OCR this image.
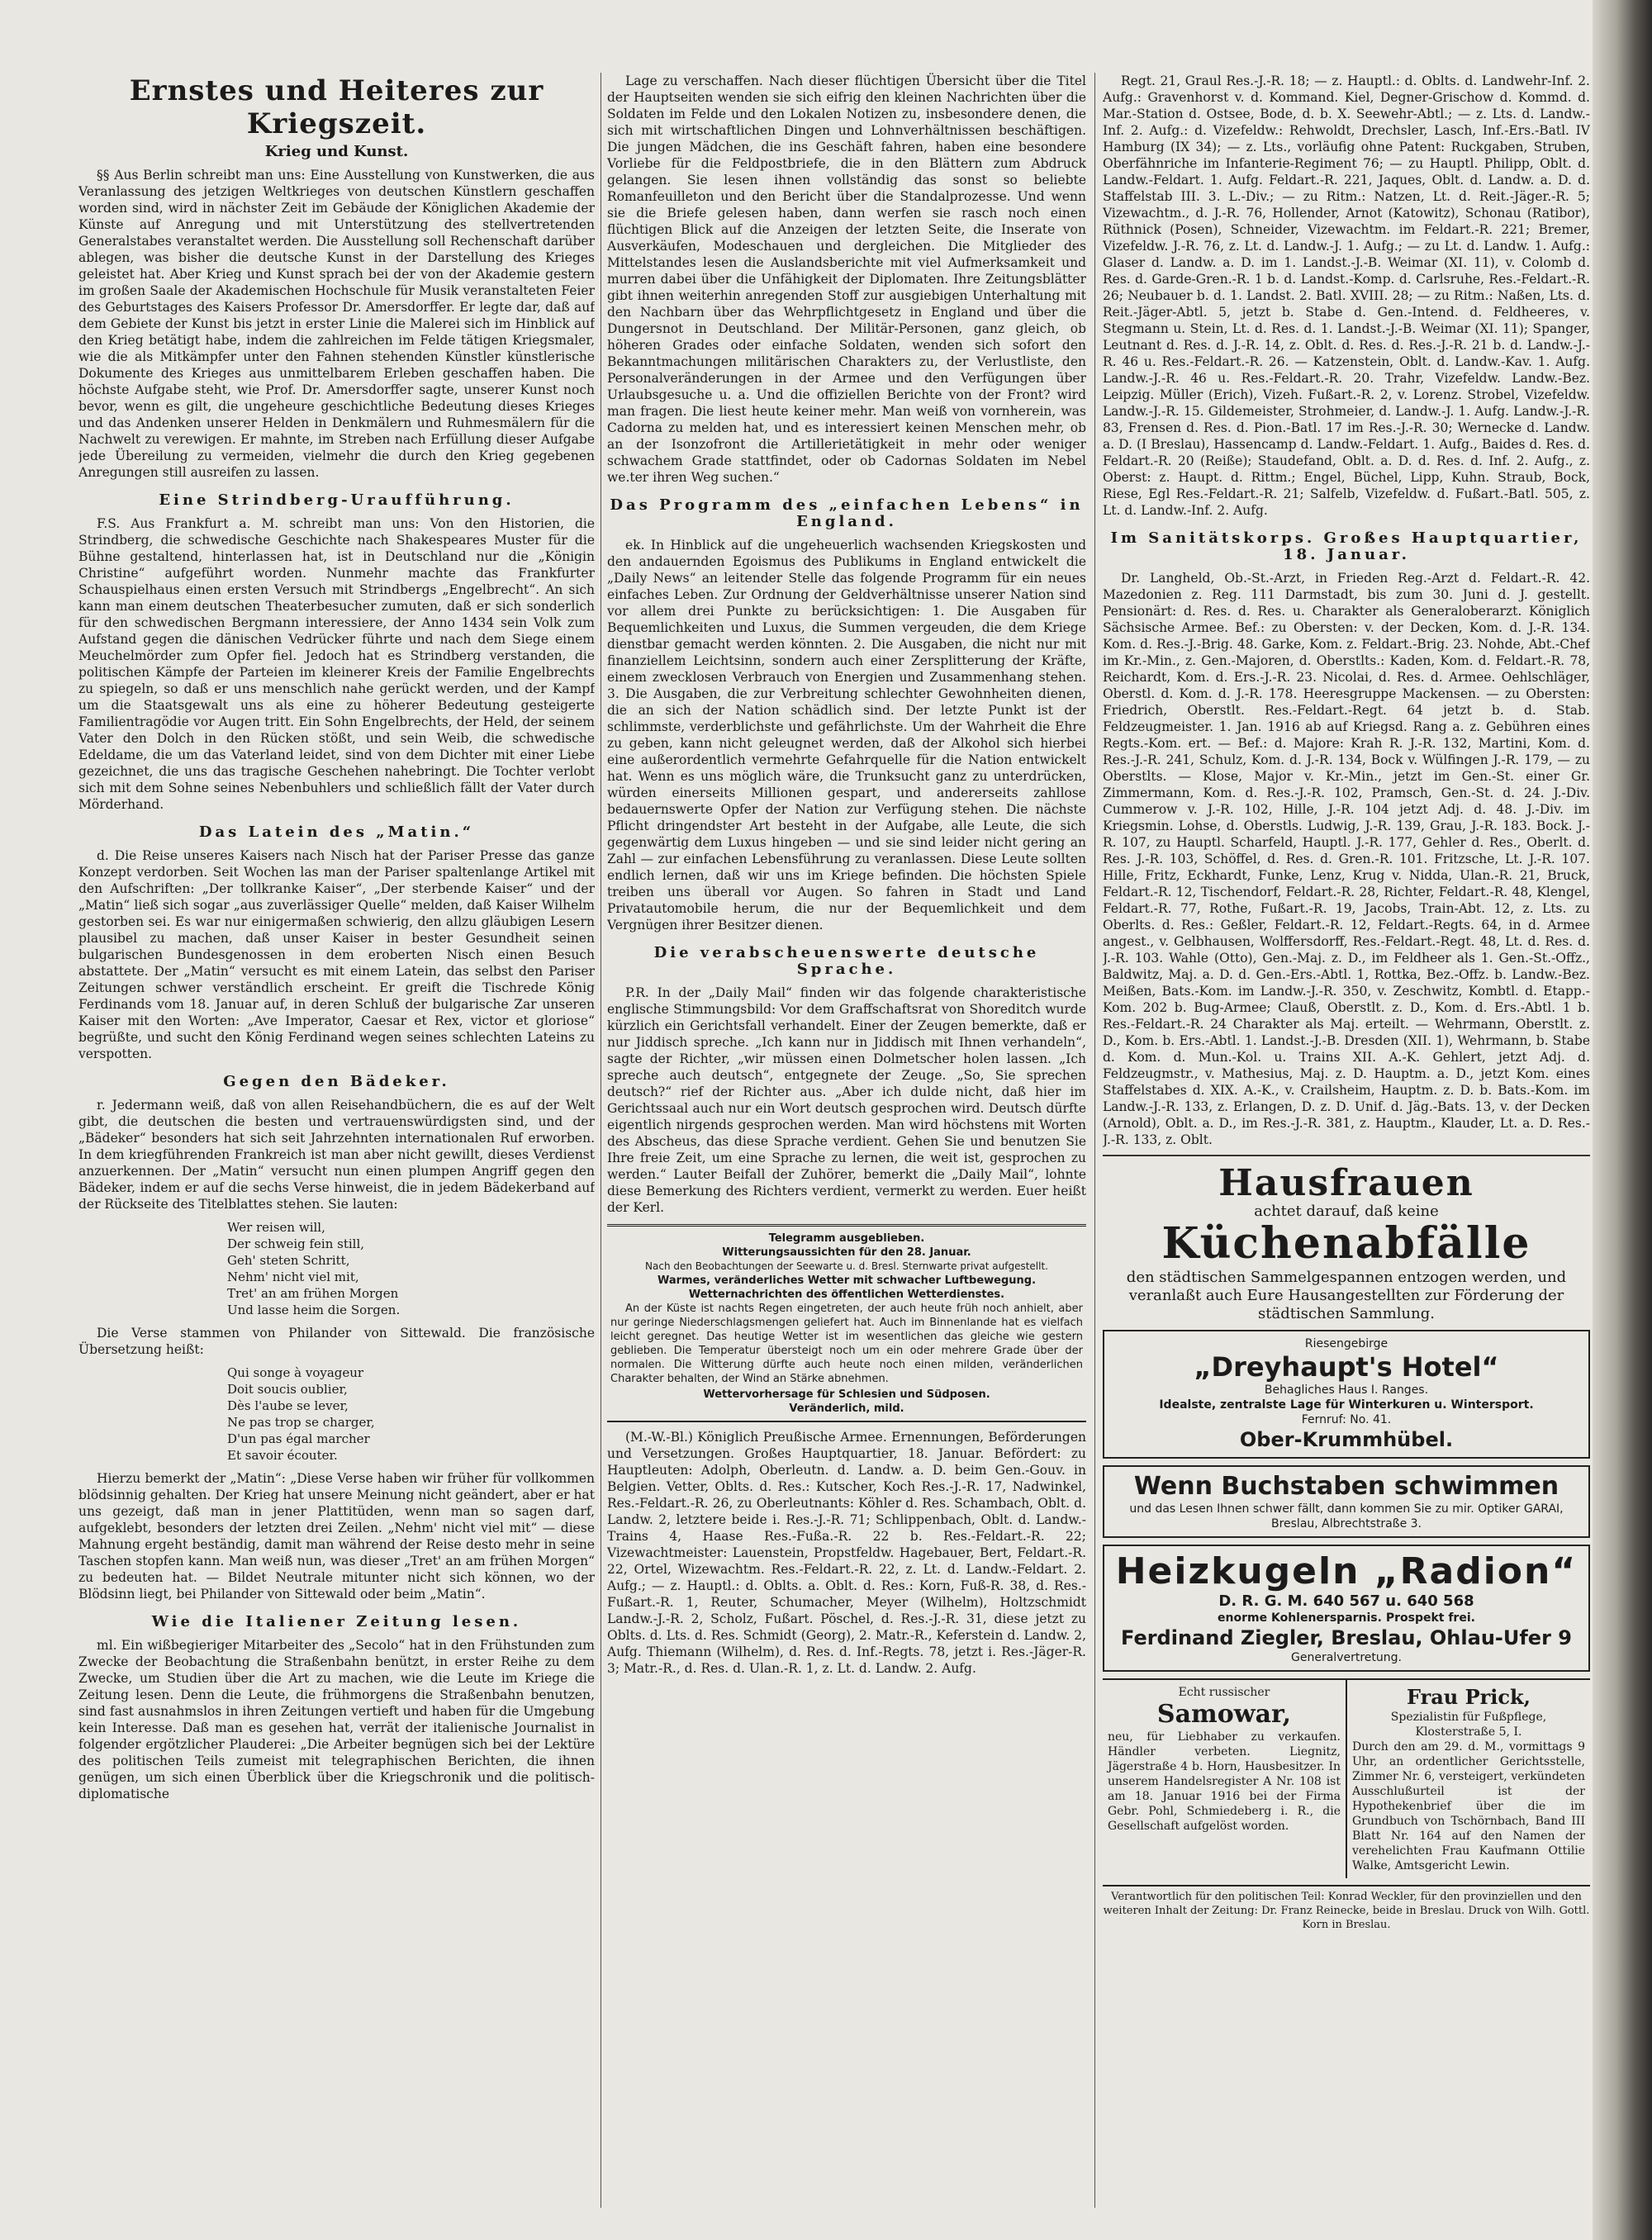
Ernstes und Heiteres zur Kriegszeit.
Krieg und Kunst.

§§ Aus Berlin schreibt man uns: Eine Ausstellung von Kunstwerken, die aus Veranlassung des jetzigen Weltkrieges von deutschen Künstlern geschaffen worden sind, wird in nächster Zeit im Gebäude der Königlichen Akademie der Künste auf Anregung und mit Unterstützung des stellvertretenden Generalstabes veranstaltet werden. Die Ausstellung soll Rechenschaft darüber ablegen, was bisher die deutsche Kunst in der Darstellung des Krieges geleistet hat. Aber Krieg und Kunst sprach bei der von der Akademie gestern im großen Saale der Akademischen Hochschule für Musik veranstalteten Feier des Geburtstages des Kaisers Professor Dr. Amersdorffer. Er legte dar, daß auf dem Gebiete der Kunst bis jetzt in erster Linie die Malerei sich im Hinblick auf den Krieg betätigt habe, indem die zahlreichen im Felde tätigen Kriegsmaler, wie die als Mitkämpfer unter den Fahnen stehenden Künstler künstlerische Dokumente des Krieges aus unmittelbarem Erleben geschaffen haben. Die höchste Aufgabe steht, wie Prof. Dr. Amersdorffer sagte, unserer Kunst noch bevor, wenn es gilt, die ungeheure geschichtliche Bedeutung dieses Krieges und das Andenken unserer Helden in Denkmälern und Ruhmesmälern für die Nachwelt zu verewigen. Er mahnte, im Streben nach Erfüllung dieser Aufgabe jede Übereilung zu vermeiden, vielmehr die durch den Krieg gegebenen Anregungen still ausreifen zu lassen.

Eine Strindberg-Uraufführung.

F.S. Aus Frankfurt a. M. schreibt man uns: Von den Historien, die Strindberg, die schwedische Geschichte nach Shakespeares Muster für die Bühne gestaltend, hinterlassen hat, ist in Deutschland nur die „Königin Christine“ aufgeführt worden. Nunmehr machte das Frankfurter Schauspielhaus einen ersten Versuch mit Strindbergs „Engelbrecht“. An sich kann man einem deutschen Theaterbesucher zumuten, daß er sich sonderlich für den schwedischen Bergmann interessiere, der Anno 1434 sein Volk zum Aufstand gegen die dänischen Vedrücker führte und nach dem Siege einem Meuchelmörder zum Opfer fiel. Jedoch hat es Strindberg verstanden, die politischen Kämpfe der Parteien im kleinerer Kreis der Familie Engelbrechts zu spiegeln, so daß er uns menschlich nahe gerückt werden, und der Kampf um die Staatsgewalt uns als eine zu höherer Bedeutung gesteigerte Familientragödie vor Augen tritt. Ein Sohn Engelbrechts, der Held, der seinem Vater den Dolch in den Rücken stößt, und sein Weib, die schwedische Edeldame, die um das Vaterland leidet, sind von dem Dichter mit einer Liebe gezeichnet, die uns das tragische Geschehen nahebringt. Die Tochter verlobt sich mit dem Sohne seines Nebenbuhlers und schließlich fällt der Vater durch Mörderhand.

Das Latein des „Matin.“

d. Die Reise unseres Kaisers nach Nisch hat der Pariser Presse das ganze Konzept verdorben. Seit Wochen las man der Pariser spaltenlange Artikel mit den Aufschriften: „Der tollkranke Kaiser“, „Der sterbende Kaiser“ und der „Matin“ ließ sich sogar „aus zuverlässiger Quelle“ melden, daß Kaiser Wilhelm gestorben sei. Es war nur einigermaßen schwierig, den allzu gläubigen Lesern plausibel zu machen, daß unser Kaiser in bester Gesundheit seinen bulgarischen Bundesgenossen in dem eroberten Nisch einen Besuch abstattete. Der „Matin“ versucht es mit einem Latein, das selbst den Pariser Zeitungen schwer verständlich erscheint. Er greift die Tischrede König Ferdinands vom 18. Januar auf, in deren Schluß der bulgarische Zar unseren Kaiser mit den Worten: „Ave Imperator, Caesar et Rex, victor et gloriose“ begrüßte, und sucht den König Ferdinand wegen seines schlechten Lateins zu verspotten.

Gegen den Bädeker.

r. Jedermann weiß, daß von allen Reisehandbüchern, die es auf der Welt gibt, die deutschen die besten und vertrauenswürdigsten sind, und der „Bädeker“ besonders hat sich seit Jahrzehnten internationalen Ruf erworben. In dem kriegführenden Frankreich ist man aber nicht gewillt, dieses Verdienst anzuerkennen. Der „Matin“ versucht nun einen plumpen Angriff gegen den Bädeker, indem er auf die sechs Verse hinweist, die in jedem Bädekerband auf der Rückseite des Titelblattes stehen. Sie lauten:

Wer reisen will,
Der schweig fein still,
Geh' steten Schritt,
Nehm' nicht viel mit,
Tret' an am frühen Morgen
Und lasse heim die Sorgen.

Die Verse stammen von Philander von Sittewald. Die französische Übersetzung heißt:

Qui songe à voyageur
Doit soucis oublier,
Dès l'aube se lever,
Ne pas trop se charger,
D'un pas égal marcher
Et savoir écouter.

Hierzu bemerkt der „Matin“: „Diese Verse haben wir früher für vollkommen blödsinnig gehalten. Der Krieg hat unsere Meinung nicht geändert, aber er hat uns gezeigt, daß man in jener Plattitüden, wenn man so sagen darf, aufgeklebt, besonders der letzten drei Zeilen. „Nehm' nicht viel mit“ — diese Mahnung ergeht beständig, damit man während der Reise desto mehr in seine Taschen stopfen kann. Man weiß nun, was dieser „Tret' an am frühen Morgen“ zu bedeuten hat. — Bildet Neutrale mitunter nicht sich können, wo der Blödsinn liegt, bei Philander von Sittewald oder beim „Matin“.

Wie die Italiener Zeitung lesen.

ml. Ein wißbegieriger Mitarbeiter des „Secolo“ hat in den Frühstunden zum Zwecke der Beobachtung die Straßenbahn benützt, in erster Reihe zu dem Zwecke, um Studien über die Art zu machen, wie die Leute im Kriege die Zeitung lesen. Denn die Leute, die frühmorgens die Straßenbahn benutzen, sind fast ausnahmslos in ihren Zeitungen vertieft und haben für die Umgebung kein Interesse. Daß man es gesehen hat, verrät der italienische Journalist in folgender ergötzlicher Plauderei: „Die Arbeiter begnügen sich bei der Lektüre des politischen Teils zumeist mit telegraphischen Berichten, die ihnen genügen, um sich einen Überblick über die Kriegschronik und die politisch-diplomatische

Lage zu verschaffen. Nach dieser flüchtigen Übersicht über die Titel der Hauptseiten wenden sie sich eifrig den kleinen Nachrichten über die Soldaten im Felde und den Lokalen Notizen zu, insbesondere denen, die sich mit wirtschaftlichen Dingen und Lohnverhältnissen beschäftigen. Die jungen Mädchen, die ins Geschäft fahren, haben eine besondere Vorliebe für die Feldpostbriefe, die in den Blättern zum Abdruck gelangen. Sie lesen ihnen vollständig das sonst so beliebte Romanfeuilleton und den Bericht über die Standalprozesse. Und wenn sie die Briefe gelesen haben, dann werfen sie rasch noch einen flüchtigen Blick auf die Anzeigen der letzten Seite, die Inserate von Ausverkäufen, Modeschauen und dergleichen. Die Mitglieder des Mittelstandes lesen die Auslandsberichte mit viel Aufmerksamkeit und murren dabei über die Unfähigkeit der Diplomaten. Ihre Zeitungsblätter gibt ihnen weiterhin anregenden Stoff zur ausgiebigen Unterhaltung mit den Nachbarn über das Wehrpflichtgesetz in England und über die Dungersnot in Deutschland. Der Militär-Personen, ganz gleich, ob höheren Grades oder einfache Soldaten, wenden sich sofort den Bekanntmachungen militärischen Charakters zu, der Verlustliste, den Personalveränderungen in der Armee und den Verfügungen über Urlaubsgesuche u. a. Und die offiziellen Berichte von der Front? wird man fragen. Die liest heute keiner mehr. Man weiß von vornherein, was Cadorna zu melden hat, und es interessiert keinen Menschen mehr, ob an der Isonzofront die Artillerietätigkeit in mehr oder weniger schwachem Grade stattfindet, oder ob Cadornas Soldaten im Nebel we.ter ihren Weg suchen.“

Das Programm des „einfachen Lebens“ in England.

ek. In Hinblick auf die ungeheuerlich wachsenden Kriegskosten und den andauernden Egoismus des Publikums in England entwickelt die „Daily News“ an leitender Stelle das folgende Programm für ein neues einfaches Leben. Zur Ordnung der Geldverhältnisse unserer Nation sind vor allem drei Punkte zu berücksichtigen: 1. Die Ausgaben für Bequemlichkeiten und Luxus, die Summen vergeuden, die dem Kriege dienstbar gemacht werden könnten. 2. Die Ausgaben, die nicht nur mit finanziellem Leichtsinn, sondern auch einer Zersplitterung der Kräfte, einem zwecklosen Verbrauch von Energien und Zusammenhang stehen. 3. Die Ausgaben, die zur Verbreitung schlechter Gewohnheiten dienen, die an sich der Nation schädlich sind. Der letzte Punkt ist der schlimmste, verderblichste und gefährlichste. Um der Wahrheit die Ehre zu geben, kann nicht geleugnet werden, daß der Alkohol sich hierbei eine außerordentlich vermehrte Gefahrquelle für die Nation entwickelt hat. Wenn es uns möglich wäre, die Trunksucht ganz zu unterdrücken, würden einerseits Millionen gespart, und andererseits zahllose bedauernswerte Opfer der Nation zur Verfügung stehen. Die nächste Pflicht dringendster Art besteht in der Aufgabe, alle Leute, die sich gegenwärtig dem Luxus hingeben — und sie sind leider nicht gering an Zahl — zur einfachen Lebensführung zu veranlassen. Diese Leute sollten endlich lernen, daß wir uns im Kriege befinden. Die höchsten Spiele treiben uns überall vor Augen. So fahren in Stadt und Land Privatautomobile herum, die nur der Bequemlichkeit und dem Vergnügen ihrer Besitzer dienen.

Die verabscheuenswerte deutsche Sprache.

P.R. In der „Daily Mail“ finden wir das folgende charakteristische englische Stimmungsbild: Vor dem Graffschaftsrat von Shoreditch wurde kürzlich ein Gerichtsfall verhandelt. Einer der Zeugen bemerkte, daß er nur Jiddisch spreche. „Ich kann nur in Jiddisch mit Ihnen verhandeln“, sagte der Richter, „wir müssen einen Dolmetscher holen lassen. „Ich spreche auch deutsch“, entgegnete der Zeuge. „So, Sie sprechen deutsch?“ rief der Richter aus. „Aber ich dulde nicht, daß hier im Gerichtssaal auch nur ein Wort deutsch gesprochen wird. Deutsch dürfte eigentlich nirgends gesprochen werden. Man wird höchstens mit Worten des Abscheus, das diese Sprache verdient. Gehen Sie und benutzen Sie Ihre freie Zeit, um eine Sprache zu lernen, die weit ist, gesprochen zu werden.“ Lauter Beifall der Zuhörer, bemerkt die „Daily Mail“, lohnte diese Bemerkung des Richters verdient, vermerkt zu werden. Euer heißt der Kerl.

Telegramm ausgeblieben.
Witterungsaussichten für den 28. Januar.
Nach den Beobachtungen der Seewarte u. d. Bresl. Sternwarte privat aufgestellt.
Warmes, veränderliches Wetter mit schwacher Luftbewegung.
Wetternachrichten des öffentlichen Wetterdienstes.

An der Küste ist nachts Regen eingetreten, der auch heute früh noch anhielt, aber nur geringe Niederschlagsmengen geliefert hat. Auch im Binnenlande hat es vielfach leicht geregnet. Das heutige Wetter ist im wesentlichen das gleiche wie gestern geblieben. Die Temperatur übersteigt noch um ein oder mehrere Grade über der normalen. Die Witterung dürfte auch heute noch einen milden, veränderlichen Charakter behalten, der Wind an Stärke abnehmen.

Wettervorhersage für Schlesien und Südposen.
Veränderlich, mild.

(M.-W.-Bl.) Königlich Preußische Armee. Ernennungen, Beförderungen und Versetzungen. Großes Hauptquartier, 18. Januar. Befördert: zu Hauptleuten: Adolph, Oberleutn. d. Landw. a. D. beim Gen.-Gouv. in Belgien. Vetter, Oblts. d. Res.: Kutscher, Koch Res.-J.-R. 17, Nadwinkel, Res.-Feldart.-R. 26, zu Oberleutnants: Köhler d. Res. Schambach, Oblt. d. Landw. 2, letztere beide i. Res.-J.-R. 71; Schlippenbach, Oblt. d. Landw.-Trains 4, Haase Res.-Fußa.-R. 22 b. Res.-Feldart.-R. 22; Vizewachtmeister: Lauenstein, Propstfeldw. Hagebauer, Bert, Feldart.-R. 22, Ortel, Wizewachtm. Res.-Feldart.-R. 22, z. Lt. d. Landw.-Feldart. 2. Aufg.; — z. Hauptl.: d. Oblts. a. Oblt. d. Res.: Korn, Fuß-R. 38, d. Res.-Fußart.-R. 1, Reuter, Schumacher, Meyer (Wilhelm), Holtzschmidt Landw.-J.-R. 2, Scholz, Fußart. Pöschel, d. Res.-J.-R. 31, diese jetzt zu Oblts. d. Lts. d. Res. Schmidt (Georg), 2. Matr.-R., Keferstein d. Landw. 2, Aufg. Thiemann (Wilhelm), d. Res. d. Inf.-Regts. 78, jetzt i. Res.-Jäger-R. 3; Matr.-R., d. Res. d. Ulan.-R. 1, z. Lt. d. Landw. 2. Aufg.

Regt. 21, Graul Res.-J.-R. 18; — z. Hauptl.: d. Oblts. d. Landwehr-Inf. 2. Aufg.: Gravenhorst v. d. Kommand. Kiel, Degner-Grischow d. Kommd. d. Mar.-Station d. Ostsee, Bode, d. b. X. Seewehr-Abtl.; — z. Lts. d. Landw.-Inf. 2. Aufg.: d. Vizefeldw.: Rehwoldt, Drechsler, Lasch, Inf.-Ers.-Batl. IV Hamburg (IX 34); — z. Lts., vorläufig ohne Patent: Ruckgaben, Struben, Oberfähnriche im Infanterie-Regiment 76; — zu Hauptl. Philipp, Oblt. d. Landw.-Feldart. 1. Aufg. Feldart.-R. 221, Jaques, Oblt. d. Landw. a. D. d. Staffelstab III. 3. L.-Div.; — zu Ritm.: Natzen, Lt. d. Reit.-Jäger.-R. 5; Vizewachtm., d. J.-R. 76, Hollender, Arnot (Katowitz), Schonau (Ratibor), Rüthnick (Posen), Schneider, Vizewachtm. im Feldart.-R. 221; Bremer, Vizefeldw. J.-R. 76, z. Lt. d. Landw.-J. 1. Aufg.; — zu Lt. d. Landw. 1. Aufg.: Glaser d. Landw. a. D. im 1. Landst.-J.-B. Weimar (XI. 11), v. Colomb d. Res. d. Garde-Gren.-R. 1 b. d. Landst.-Komp. d. Carlsruhe, Res.-Feldart.-R. 26; Neubauer b. d. 1. Landst. 2. Batl. XVIII. 28; — zu Ritm.: Naßen, Lts. d. Reit.-Jäger-Abtl. 5, jetzt b. Stabe d. Gen.-Intend. d. Feldheeres, v. Stegmann u. Stein, Lt. d. Res. d. 1. Landst.-J.-B. Weimar (XI. 11); Spanger, Leutnant d. Res. d. J.-R. 14, z. Oblt. d. Res. d. Res.-J.-R. 21 b. d. Landw.-J.-R. 46 u. Res.-Feldart.-R. 26. — Katzenstein, Oblt. d. Landw.-Kav. 1. Aufg. Landw.-J.-R. 46 u. Res.-Feldart.-R. 20. Trahr, Vizefeldw. Landw.-Bez. Leipzig. Müller (Erich), Vizeh. Fußart.-R. 2, v. Lorenz. Strobel, Vizefeldw. Landw.-J.-R. 15. Gildemeister, Strohmeier, d. Landw.-J. 1. Aufg. Landw.-J.-R. 83, Frensen d. Res. d. Pion.-Batl. 17 im Res.-J.-R. 30; Wernecke d. Landw. a. D. (I Breslau), Hassencamp d. Landw.-Feldart. 1. Aufg., Baides d. Res. d. Feldart.-R. 20 (Reiße); Staudefand, Oblt. a. D. d. Res. d. Inf. 2. Aufg., z. Oberst: z. Haupt. d. Rittm.; Engel, Büchel, Lipp, Kuhn. Straub, Bock, Riese, Egl Res.-Feldart.-R. 21; Salfelb, Vizefeldw. d. Fußart.-Batl. 505, z. Lt. d. Landw.-Inf. 2. Aufg.

Im Sanitätskorps. Großes Hauptquartier, 18. Januar.

Dr. Langheld, Ob.-St.-Arzt, in Frieden Reg.-Arzt d. Feldart.-R. 42. Mazedonien z. Reg. 111 Darmstadt, bis zum 30. Juni d. J. gestellt. Pensionärt: d. Res. d. Res. u. Charakter als Generaloberarzt. Königlich Sächsische Armee. Bef.: zu Obersten: v. der Decken, Kom. d. J.-R. 134. Kom. d. Res.-J.-Brig. 48. Garke, Kom. z. Feldart.-Brig. 23. Nohde, Abt.-Chef im Kr.-Min., z. Gen.-Majoren, d. Oberstlts.: Kaden, Kom. d. Feldart.-R. 78, Reichardt, Kom. d. Ers.-J.-R. 23. Nicolai, d. Res. d. Armee. Oehlschläger, Oberstl. d. Kom. d. J.-R. 178. Heeresgruppe Mackensen. — zu Obersten: Friedrich, Oberstlt. Res.-Feldart.-Regt. 64 jetzt b. d. Stab. Feldzeugmeister. 1. Jan. 1916 ab auf Kriegsd. Rang a. z. Gebühren eines Regts.-Kom. ert. — Bef.: d. Majore: Krah R. J.-R. 132, Martini, Kom. d. Res.-J.-R. 241, Schulz, Kom. d. J.-R. 134, Bock v. Wülfingen J.-R. 179, — zu Oberstlts. — Klose, Major v. Kr.-Min., jetzt im Gen.-St. einer Gr. Zimmermann, Kom. d. Res.-J.-R. 102, Pramsch, Gen.-St. d. 24. J.-Div. Cummerow v. J.-R. 102, Hille, J.-R. 104 jetzt Adj. d. 48. J.-Div. im Kriegsmin. Lohse, d. Oberstls. Ludwig, J.-R. 139, Grau, J.-R. 183. Bock. J.-R. 107, zu Hauptl. Scharfeld, Hauptl. J.-R. 177, Gehler d. Res., Oberlt. d. Res. J.-R. 103, Schöffel, d. Res. d. Gren.-R. 101. Fritzsche, Lt. J.-R. 107. Hille, Fritz, Eckhardt, Funke, Lenz, Krug v. Nidda, Ulan.-R. 21, Bruck, Feldart.-R. 12, Tischendorf, Feldart.-R. 28, Richter, Feldart.-R. 48, Klengel, Feldart.-R. 77, Rothe, Fußart.-R. 19, Jacobs, Train-Abt. 12, z. Lts. zu Oberlts. d. Res.: Geßler, Feldart.-R. 12, Feldart.-Regts. 64, in d. Armee angest., v. Gelbhausen, Wolffersdorff, Res.-Feldart.-Regt. 48, Lt. d. Res. d. J.-R. 103. Wahle (Otto), Gen.-Maj. z. D., im Feldheer als 1. Gen.-St.-Offz., Baldwitz, Maj. a. D. d. Gen.-Ers.-Abtl. 1, Rottka, Bez.-Offz. b. Landw.-Bez. Meißen, Bats.-Kom. im Landw.-J.-R. 350, v. Zeschwitz, Kombtl. d. Etapp.-Kom. 202 b. Bug-Armee; Clauß, Oberstlt. z. D., Kom. d. Ers.-Abtl. 1 b. Res.-Feldart.-R. 24 Charakter als Maj. erteilt. — Wehrmann, Oberstlt. z. D., Kom. b. Ers.-Abtl. 1. Landst.-J.-B. Dresden (XII. 1), Wehrmann, b. Stabe d. Kom. d. Mun.-Kol. u. Trains XII. A.-K. Gehlert, jetzt Adj. d. Feldzeugmstr., v. Mathesius, Maj. z. D. Hauptm. a. D., jetzt Kom. eines Staffelstabes d. XIX. A.-K., v. Crailsheim, Hauptm. z. D. b. Bats.-Kom. im Landw.-J.-R. 133, z. Erlangen, D. z. D. Unif. d. Jäg.-Bats. 13, v. der Decken (Arnold), Oblt. a. D., im Res.-J.-R. 381, z. Hauptm., Klauder, Lt. a. D. Res.-J.-R. 133, z. Oblt.

Hausfrauen
achtet darauf, daß keine
Küchenabfälle
den städtischen Sammelgespannen entzogen werden, und veranlaßt auch Eure Hausangestellten zur Förderung der städtischen Sammlung.
Riesengebirge
„Dreyhaupt's Hotel“
Behagliches Haus I. Ranges.
Idealste, zentralste Lage für Winterkuren u. Wintersport.
Fernruf: No. 41.
Ober-Krummhübel.
Wenn Buchstaben schwimmen
und das Lesen Ihnen schwer fällt, dann kommen Sie zu mir. Optiker GARAI, Breslau, Albrechtstraße 3.
Heizkugeln „Radion“
D. R. G. M. 640 567 u. 640 568
enorme Kohlenersparnis. Prospekt frei.
Ferdinand Ziegler, Breslau, Ohlau-Ufer 9
Generalvertretung.
Echt russischer
Samowar,
neu, für Liebhaber zu verkaufen. Händler verbeten. Liegnitz, Jägerstraße 4 b. Horn, Hausbesitzer. In unserem Handelsregister A Nr. 108 ist am 18. Januar 1916 bei der Firma Gebr. Pohl, Schmiedeberg i. R., die Gesellschaft aufgelöst worden.
Frau Prick,
Spezialistin für Fußpflege, Klosterstraße 5, I.
Durch den am 29. d. M., vormittags 9 Uhr, an ordentlicher Gerichtsstelle, Zimmer Nr. 6, versteigert, verkündeten Ausschlußurteil ist der Hypothekenbrief über die im Grundbuch von Tschörnbach, Band III Blatt Nr. 164 auf den Namen der verehelichten Frau Kaufmann Ottilie Walke, Amtsgericht Lewin.
Verantwortlich für den politischen Teil: Konrad Weckler, für den provinziellen und den weiteren Inhalt der Zeitung: Dr. Franz Reinecke, beide in Breslau. Druck von Wilh. Gottl. Korn in Breslau.
